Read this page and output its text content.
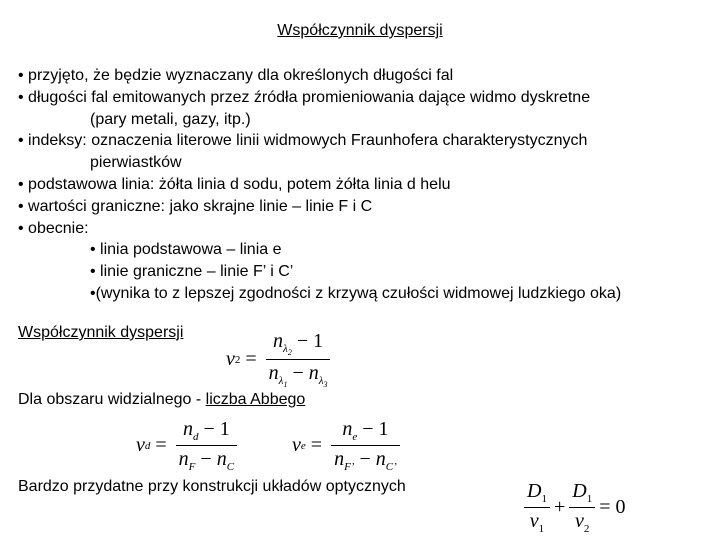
Współczynnik dyspersji
• przyjęto, że będzie wyznaczany dla określonych długości fal
• długości fal emitowanych przez źródła promieniowania dające widmo dyskretne
(pary metali, gazy, itp.)
• indeksy: oznaczenia literowe linii widmowych Fraunhofera charakterystycznych
pierwiastków
• podstawowa linia: żółta linia d sodu, potem żółta linia d helu
• wartości graniczne: jako skrajne linie – linie F i C
• obecnie:
• linia podstawowa – linia e
• linie graniczne – linie F’ i C’
•(wynika to z lepszej zgodności z krzywą czułości widmowej ludzkiego oka)
Współczynnik dyspersji
ν $2 = \frac{n_{\lambda_2} - 1}{n_{\lambda_1} - n_{\lambda_3}}$
Dla obszaru widzialnego - liczba Abbego
ν $d = \frac{n_d - 1}{n_F - n_C}$	ν $e = \frac{n_e - 1}{n_{F’} - n_{C’}}$
Bardzo przydatne przy konstrukcji układów optycznych	$\frac{D_1}{\nu_1} + \frac{D_1}{\nu_2} = 0$
